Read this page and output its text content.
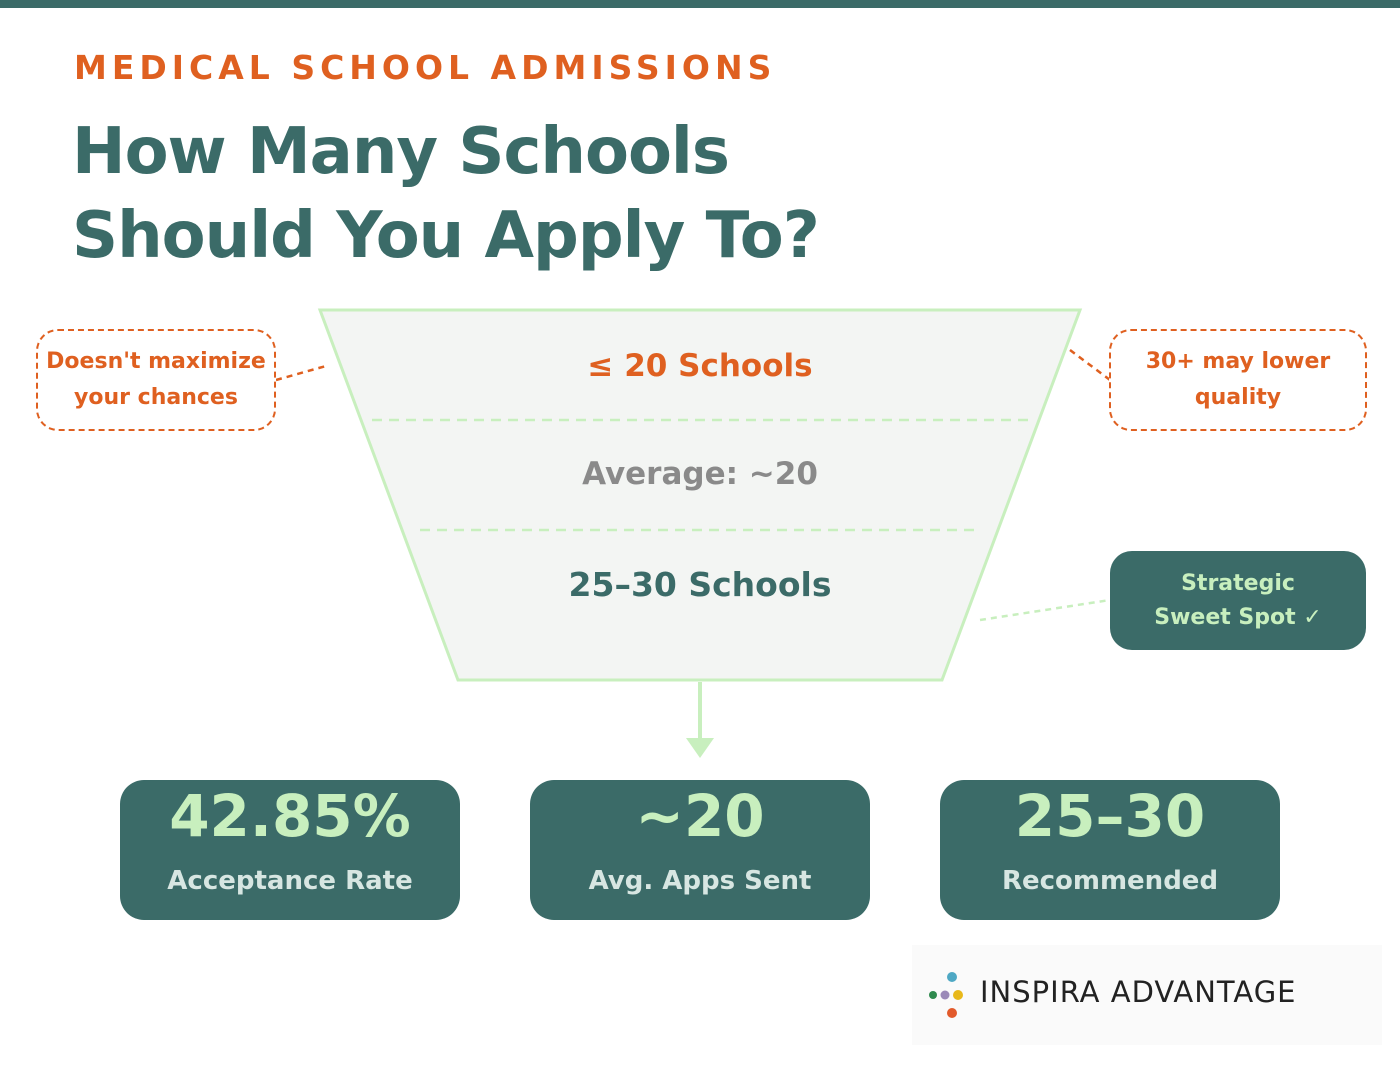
MEDICAL SCHOOL ADMISSIONS
How Many Schools
Should You Apply To?
≤ 20 Schools
Average: ~20
25–30 Schools
Doesn't maximize
your chances
30+ may lower
quality
Strategic
Sweet Spot ✓
42.85%
Acceptance Rate
~20
Avg. Apps Sent
25–30
Recommended
INSPIRA ADVANTAGE
